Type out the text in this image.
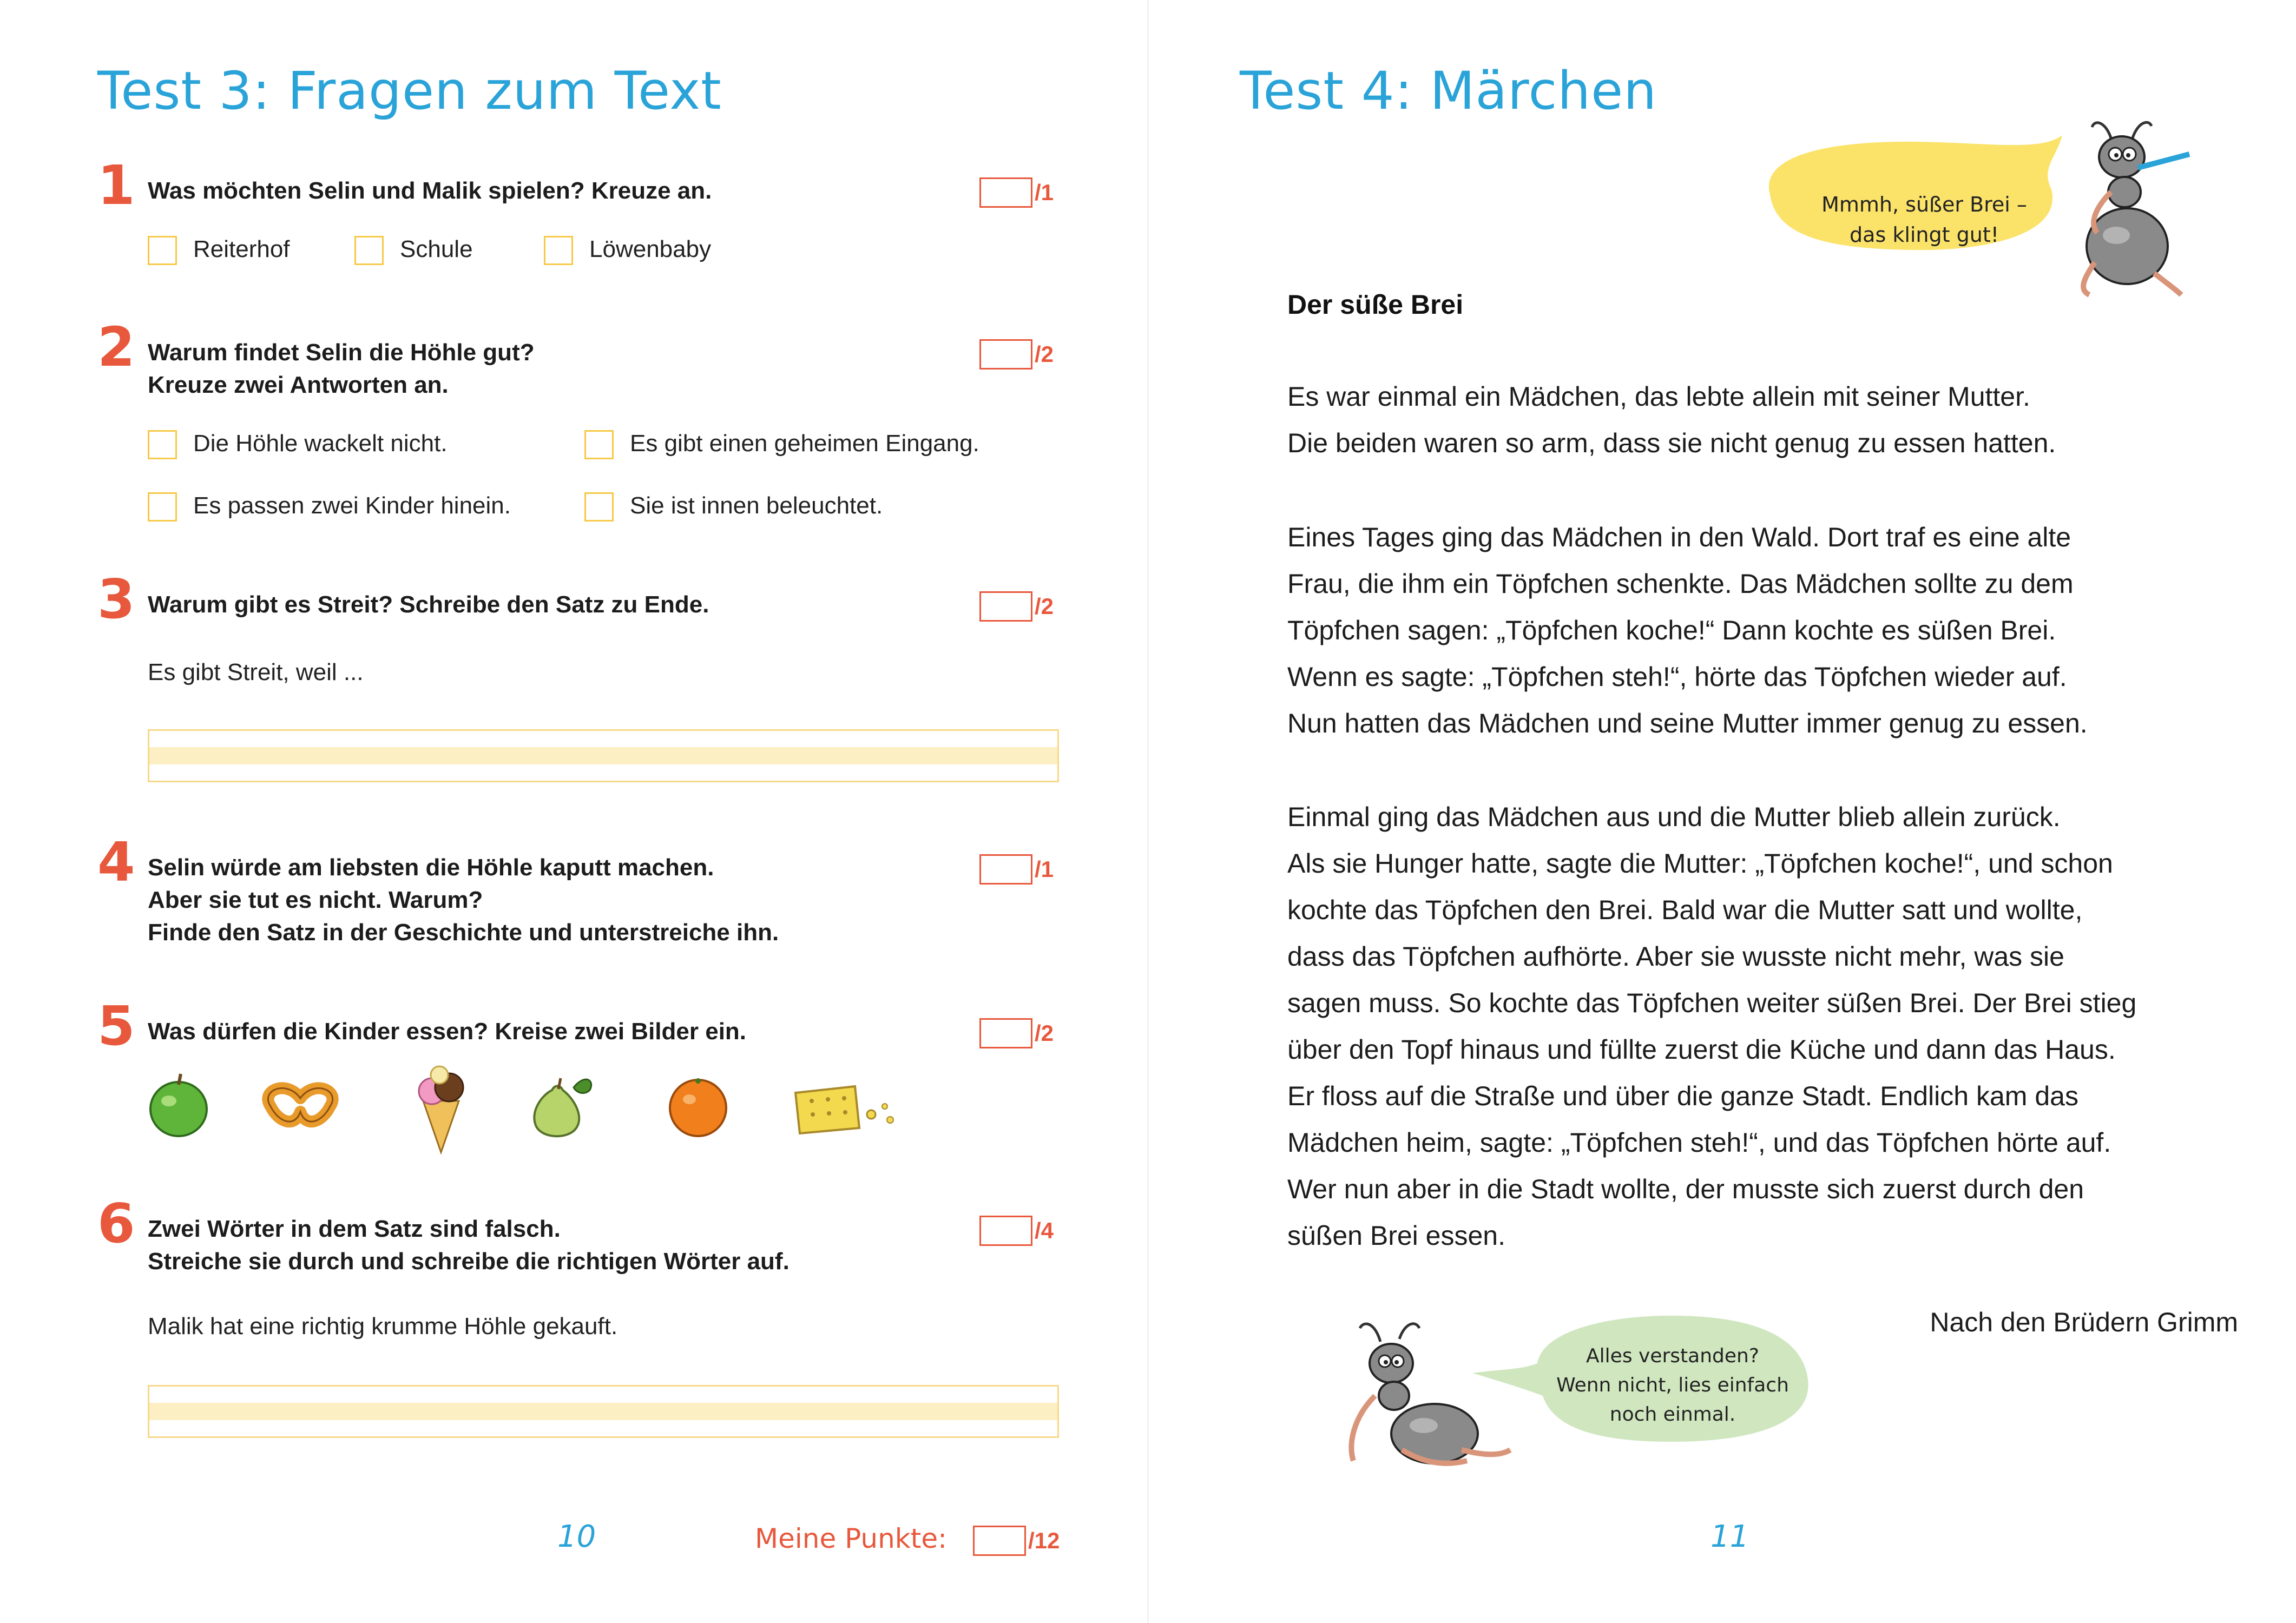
Test 3: Fragen zum Text
1 Was möchten Selin und Malik spielen? Kreuze an.	/1
Reiterhof	Schule	Löwenbaby
2 Warum findet Selin die Höhle gut?
Kreuze zwei Antworten an.
/2
Die Höhle wackelt nicht.	Es gibt einen geheimen Eingang.
Es passen zwei Kinder hinein.	Sie ist innen beleuchtet.
3 Warum gibt es Streit? Schreibe den Satz zu Ende.	/2
Es gibt Streit, weil ...
4 Selin würde am liebsten die Höhle kaputt machen.
Aber sie tut es nicht. Warum?
Finde den Satz in der Geschichte und unterstreiche ihn.
/1
5 Was dürfen die Kinder essen? Kreise zwei Bilder ein.	/2
6 Zwei Wörter in dem Satz sind falsch.
Streiche sie durch und schreibe die richtigen Wörter auf.
/4
Malik hat eine richtig krumme Höhle gekauft.
10	Meine Punkte:	/12
Test 4: Märchen
Mmmh, süßer Brei –
das klingt gut!
Der süße Brei

Es war einmal ein Mädchen, das lebte allein mit seiner Mutter.

Die beiden waren so arm, dass sie nicht genug zu essen hatten.

Eines Tages ging das Mädchen in den Wald. Dort traf es eine alte

Frau, die ihm ein Töpfchen schenkte. Das Mädchen sollte zu dem

Töpfchen sagen: „Töpfchen koche!“ Dann kochte es süßen Brei.

Wenn es sagte: „Töpfchen steh!“, hörte das Töpfchen wieder auf.

Nun hatten das Mädchen und seine Mutter immer genug zu essen.

Einmal ging das Mädchen aus und die Mutter blieb allein zurück.

Als sie Hunger hatte, sagte die Mutter: „Töpfchen koche!“, und schon

kochte das Töpfchen den Brei. Bald war die Mutter satt und wollte,

dass das Töpfchen aufhörte. Aber sie wusste nicht mehr, was sie

sagen muss. So kochte das Töpfchen weiter süßen Brei. Der Brei stieg

über den Topf hinaus und füllte zuerst die Küche und dann das Haus.

Er floss auf die Straße und über die ganze Stadt. Endlich kam das

Mädchen heim, sagte: „Töpfchen steh!“, und das Töpfchen hörte auf.

Wer nun aber in die Stadt wollte, der musste sich zuerst durch den

süßen Brei essen.

Nach den Brüdern Grimm
Alles verstanden?
Wenn nicht, lies einfach
noch einmal.
11
